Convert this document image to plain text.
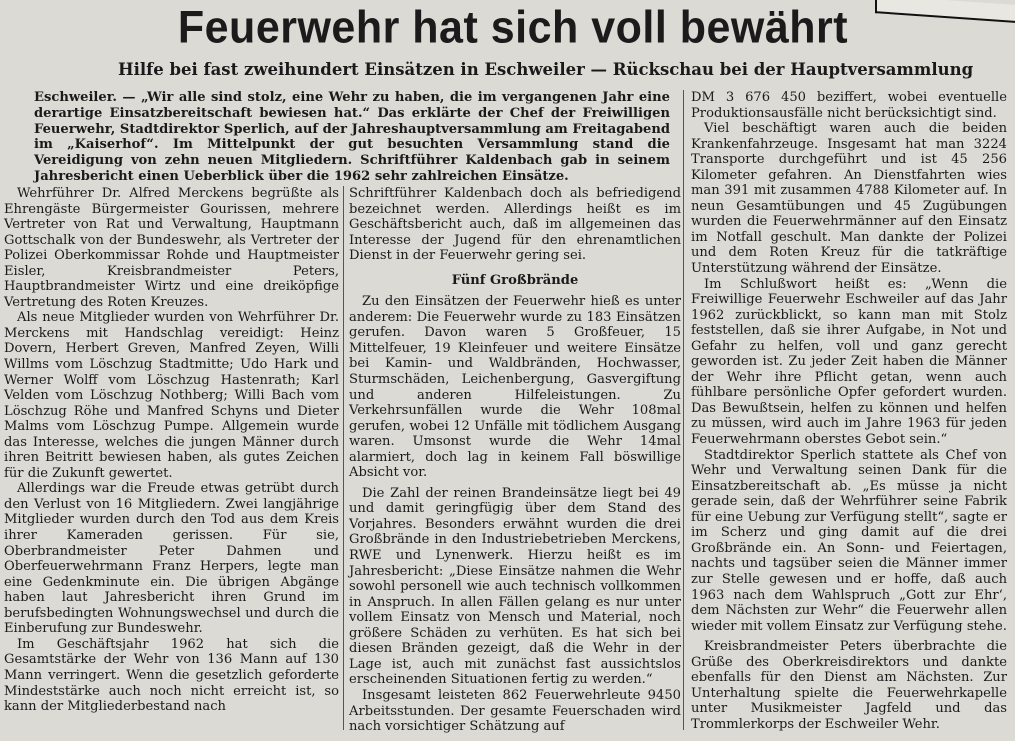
Feuerwehr hat sich voll bewährt
Hilfe bei fast zweihundert Einsätzen in Eschweiler — Rückschau bei der Hauptversammlung

Eschweiler. — „Wir alle sind stolz, eine Wehr zu haben, die im vergangenen Jahr eine derartige Einsatzbereitschaft bewiesen hat.“ Das erklärte der Chef der Freiwilligen Feuerwehr, Stadtdirektor Sperlich, auf der Jahreshauptversammlung am Freitagabend im „Kaiserhof“. Im Mittelpunkt der gut besuchten Versammlung stand die Vereidigung von zehn neuen Mitgliedern. Schriftführer Kaldenbach gab in seinem Jahresbericht einen Ueberblick über die 1962 sehr zahlreichen Einsätze.

Wehrführer Dr. Alfred Merckens begrüßte als Ehrengäste Bürgermeister Gourissen, mehrere Vertreter von Rat und Verwaltung, Hauptmann Gottschalk von der Bundeswehr, als Vertreter der Polizei Oberkommissar Rohde und Hauptmeister Eisler, Kreisbrandmeister Peters, Hauptbrandmeister Wirtz und eine dreiköpfige Vertretung des Roten Kreuzes.

Als neue Mitglieder wurden von Wehrführer Dr. Merckens mit Handschlag vereidigt: Heinz Dovern, Herbert Greven, Manfred Zeyen, Willi Willms vom Löschzug Stadtmitte; Udo Hark und Werner Wolff vom Löschzug Hastenrath; Karl Velden vom Löschzug Nothberg; Willi Bach vom Löschzug Röhe und Manfred Schyns und Dieter Malms vom Löschzug Pumpe. Allgemein wurde das Interesse, welches die jungen Männer durch ihren Beitritt bewiesen haben, als gutes Zeichen für die Zukunft gewertet.

Allerdings war die Freude etwas getrübt durch den Verlust von 16 Mitgliedern. Zwei langjährige Mitglieder wurden durch den Tod aus dem Kreis ihrer Kameraden gerissen. Für sie, Oberbrandmeister Peter Dahmen und Oberfeuerwehrmann Franz Herpers, legte man eine Gedenkminute ein. Die übrigen Abgänge haben laut Jahresbericht ihren Grund im berufsbedingten Wohnungswechsel und durch die Einberufung zur Bundeswehr.

Im Geschäftsjahr 1962 hat sich die Gesamtstärke der Wehr von 136 Mann auf 130 Mann verringert. Wenn die gesetzlich geforderte Mindeststärke auch noch nicht erreicht ist, so kann der Mitgliederbestand nach

Schriftführer Kaldenbach doch als befriedigend bezeichnet werden. Allerdings heißt es im Geschäftsbericht auch, daß im allgemeinen das Interesse der Jugend für den ehrenamtlichen Dienst in der Feuerwehr gering sei.

Fünf Großbrände

Zu den Einsätzen der Feuerwehr hieß es unter anderem: Die Feuerwehr wurde zu 183 Einsätzen gerufen. Davon waren 5 Großfeuer, 15 Mittelfeuer, 19 Kleinfeuer und weitere Einsätze bei Kamin- und Waldbränden, Hochwasser, Sturmschäden, Leichenbergung, Gasvergiftung und anderen Hilfeleistungen. Zu Verkehrsunfällen wurde die Wehr 108mal gerufen, wobei 12 Unfälle mit tödlichem Ausgang waren. Umsonst wurde die Wehr 14mal alarmiert, doch lag in keinem Fall böswillige Absicht vor.

Die Zahl der reinen Brandeinsätze liegt bei 49 und damit geringfügig über dem Stand des Vorjahres. Besonders erwähnt wurden die drei Großbrände in den Industriebetrieben Merckens, RWE und Lynenwerk. Hierzu heißt es im Jahresbericht: „Diese Einsätze nahmen die Wehr sowohl personell wie auch technisch vollkommen in Anspruch. In allen Fällen gelang es nur unter vollem Einsatz von Mensch und Material, noch größere Schäden zu verhüten. Es hat sich bei diesen Bränden gezeigt, daß die Wehr in der Lage ist, auch mit zunächst fast aussichtslos erscheinenden Situationen fertig zu werden.“

Insgesamt leisteten 862 Feuerwehrleute 9450 Arbeitsstunden. Der gesamte Feuerschaden wird nach vorsichtiger Schätzung auf

DM 3 676 450 beziffert, wobei eventuelle Produktionsausfälle nicht berücksichtigt sind.

Viel beschäftigt waren auch die beiden Krankenfahrzeuge. Insgesamt hat man 3224 Transporte durchgeführt und ist 45 256 Kilometer gefahren. An Dienstfahrten wies man 391 mit zusammen 4788 Kilometer auf. In neun Gesamtübungen und 45 Zugübungen wurden die Feuerwehrmänner auf den Einsatz im Notfall geschult. Man dankte der Polizei und dem Roten Kreuz für die tatkräftige Unterstützung während der Einsätze.

Im Schlußwort heißt es: „Wenn die Freiwillige Feuerwehr Eschweiler auf das Jahr 1962 zurückblickt, so kann man mit Stolz feststellen, daß sie ihrer Aufgabe, in Not und Gefahr zu helfen, voll und ganz gerecht geworden ist. Zu jeder Zeit haben die Männer der Wehr ihre Pflicht getan, wenn auch fühlbare persönliche Opfer gefordert wurden. Das Bewußtsein, helfen zu können und helfen zu müssen, wird auch im Jahre 1963 für jeden Feuerwehrmann oberstes Gebot sein.“

Stadtdirektor Sperlich stattete als Chef von Wehr und Verwaltung seinen Dank für die Einsatzbereitschaft ab. „Es müsse ja nicht gerade sein, daß der Wehrführer seine Fabrik für eine Uebung zur Verfügung stellt“, sagte er im Scherz und ging damit auf die drei Großbrände ein. An Sonn- und Feiertagen, nachts und tagsüber seien die Männer immer zur Stelle gewesen und er hoffe, daß auch 1963 nach dem Wahlspruch „Gott zur Ehr‘, dem Nächsten zur Wehr“ die Feuerwehr allen wieder mit vollem Einsatz zur Verfügung stehe.

Kreisbrandmeister Peters überbrachte die Grüße des Oberkreisdirektors und dankte ebenfalls für den Dienst am Nächsten. Zur Unterhaltung spielte die Feuerwehrkapelle unter Musikmeister Jagfeld und das Trommlerkorps der Eschweiler Wehr.
